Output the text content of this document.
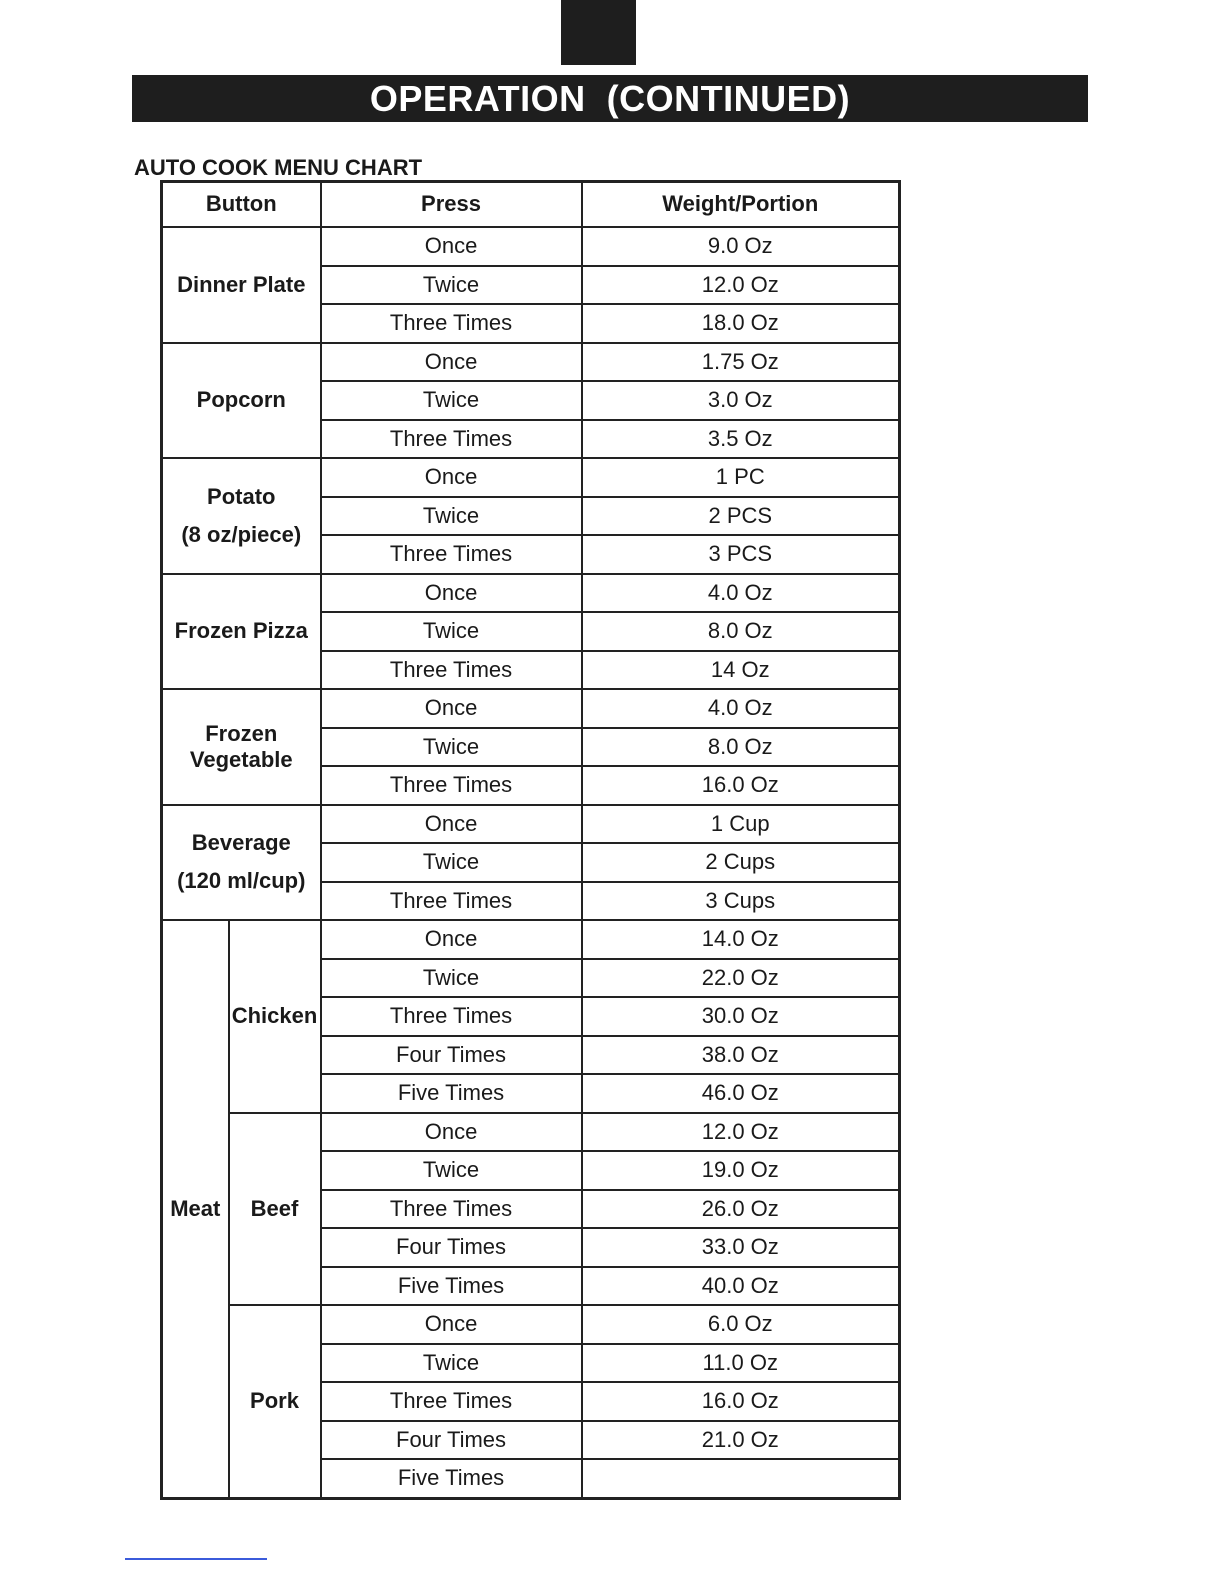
OPERATION  (CONTINUED)
AUTO COOK MENU CHART
Button		Press	Weight/Portion

Dinner Plate		Once	9.0 Oz
		Twice	12.0 Oz
		Three Times	18.0 Oz

Popcorn		Once	1.75 Oz
		Twice	3.0 Oz
		Three Times	3.5 Oz

Potato
(8 oz/piece)		Once	1 PC
		Twice	2 PCS
		Three Times	3 PCS

Frozen Pizza		Once	4.0 Oz
		Twice	8.0 Oz
		Three Times	14 Oz

Frozen
Vegetable		Once	4.0 Oz
		Twice	8.0 Oz
		Three Times	16.0 Oz

Beverage
(120 ml/cup)		Once	1 Cup
		Twice	2 Cups
		Three Times	3 Cups
Meat	Chicken	Once	14.0 Oz
		Twice	22.0 Oz
		Three Times	30.0 Oz
		Four Times	38.0 Oz
		Five Times	46.0 Oz
	Beef	Once	12.0 Oz
		Twice	19.0 Oz
		Three Times	26.0 Oz
		Four Times	33.0 Oz
		Five Times	40.0 Oz
	Pork	Once	6.0 Oz
		Twice	11.0 Oz
		Three Times	16.0 Oz
		Four Times	21.0 Oz
		Five Times	
